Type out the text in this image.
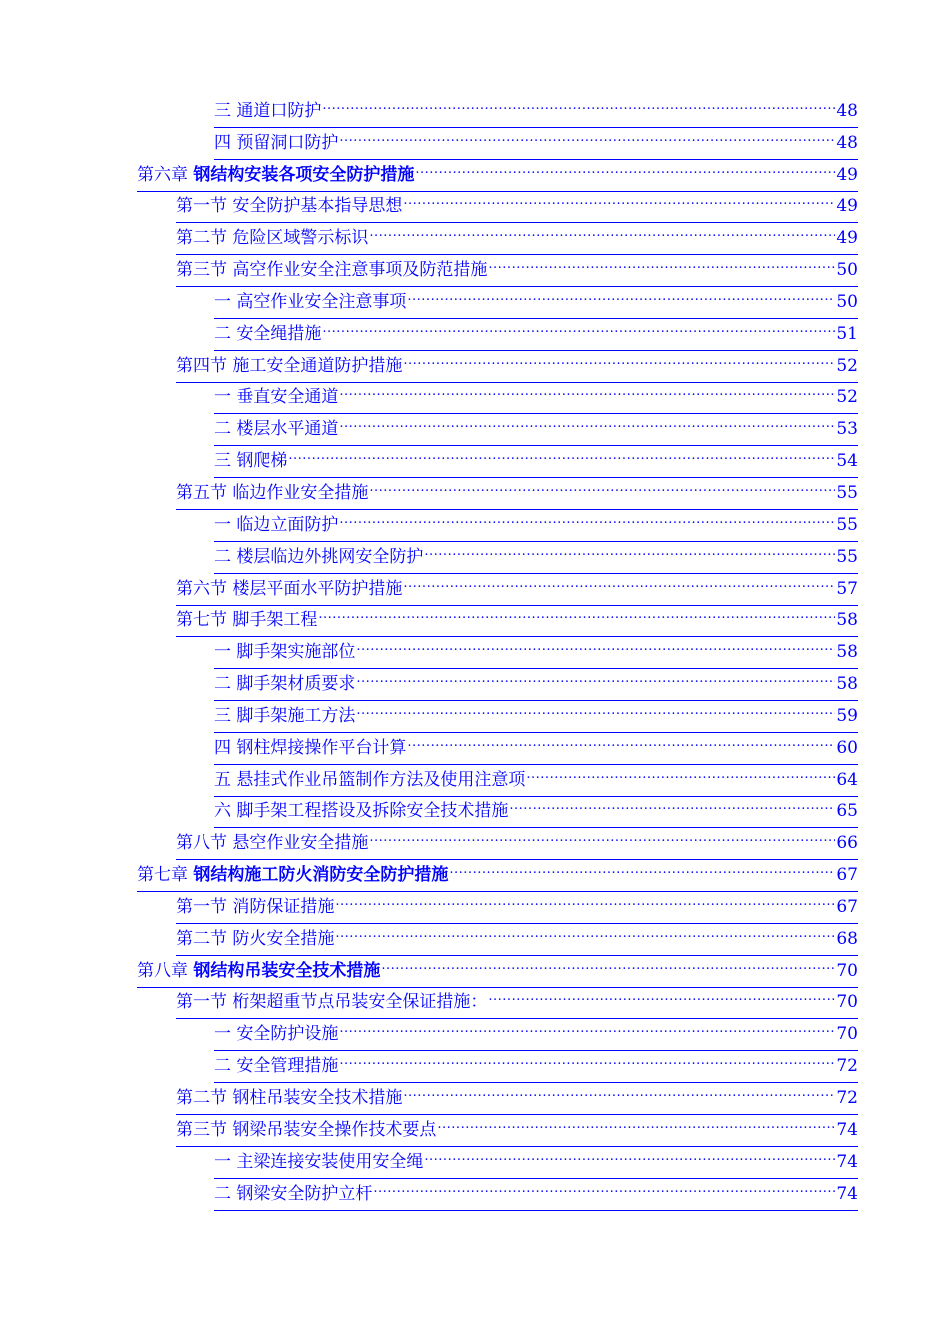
三 通道口防护 .....	48
四 预留洞口防护 .....	48
第六章 钢结构安装各项安全防护措施 .....	49
第一节 安全防护基本指导思想 .....	49
第二节 危险区域警示标识 .....	49
第三节 高空作业安全注意事项及防范措施 .....	50
一 高空作业安全注意事项 .....	50
二 安全绳措施 .....	51
第四节 施工安全通道防护措施 .....	52
一 垂直安全通道 .....	52
二 楼层水平通道 .....	53
三 钢爬梯 .....	54
第五节 临边作业安全措施 .....	55
一 临边立面防护 .....	55
二 楼层临边外挑网安全防护 .....	55
第六节 楼层平面水平防护措施 .....	57
第七节 脚手架工程 .....	58
一 脚手架实施部位 .....	58
二 脚手架材质要求 .....	58
三 脚手架施工方法 .....	59
四 钢柱焊接操作平台计算 .....	60
五 悬挂式作业吊篮制作方法及使用注意项 .....	64
六 脚手架工程搭设及拆除安全技术措施 .....	65
第八节 悬空作业安全措施 .....	66
第七章 钢结构施工防火消防安全防护措施 .....	67
第一节 消防保证措施 .....	67
第二节 防火安全措施 .....	68
第八章 钢结构吊装安全技术措施 .....	70
第一节 桁架超重节点吊装安全保证措施： .....	70
一 安全防护设施 .....	70
二 安全管理措施 .....	72
第二节 钢柱吊装安全技术措施 .....	72
第三节 钢梁吊装安全操作技术要点 .....	74
一 主梁连接安装使用安全绳 .....	74
二 钢梁安全防护立杆 .....	74
